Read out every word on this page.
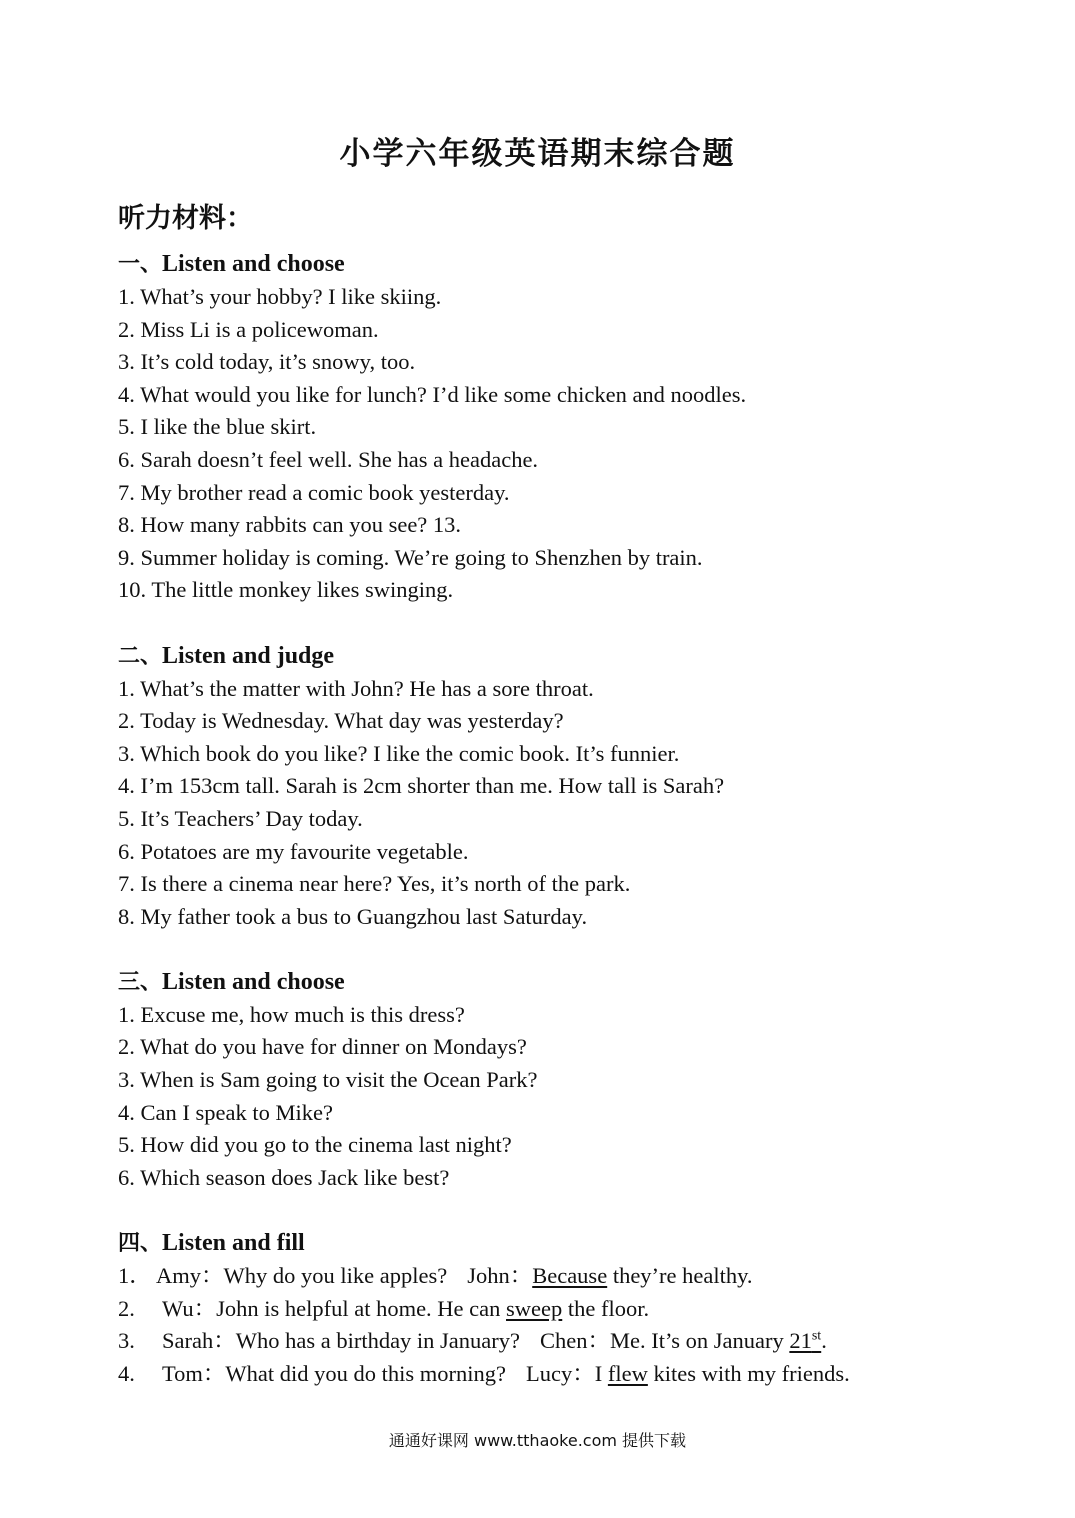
小学六年级英语期末综合题
听力材料：
一、Listen and choose
1. What’s your hobby? I like skiing.
2. Miss Li is a policewoman.
3. It’s cold today, it’s snowy, too.
4. What would you like for lunch? I’d like some chicken and noodles.
5. I like the blue skirt.
6. Sarah doesn’t feel well. She has a headache.
7. My brother read a comic book yesterday.
8. How many rabbits can you see? 13.
9. Summer holiday is coming. We’re going to Shenzhen by train.
10. The little monkey likes swinging.
二、Listen and judge
1. What’s the matter with John? He has a sore throat.
2. Today is Wednesday. What day was yesterday?
3. Which book do you like? I like the comic book. It’s funnier.
4. I’m 153cm tall. Sarah is 2cm shorter than me. How tall is Sarah?
5. It’s Teachers’ Day today.
6. Potatoes are my favourite vegetable.
7. Is there a cinema near here? Yes, it’s north of the park.
8. My father took a bus to Guangzhou last Saturday.
三、Listen and choose
1. Excuse me, how much is this dress?
2. What do you have for dinner on Mondays?
3. When is Sam going to visit the Ocean Park?
4. Can I speak to Mike?
5. How did you go to the cinema last night?
6. Which season does Jack like best?
四、Listen and fill
1． Amy：Why do you like apples? John：Because they’re healthy.
2. Wu：John is helpful at home. He can sweep the floor.
3. Sarah：Who has a birthday in January? Chen：Me. It’s on January 21st.
4. Tom：What did you do this morning? Lucy：I flew kites with my friends.
通通好课网 www.tthaoke.com 提供下载
